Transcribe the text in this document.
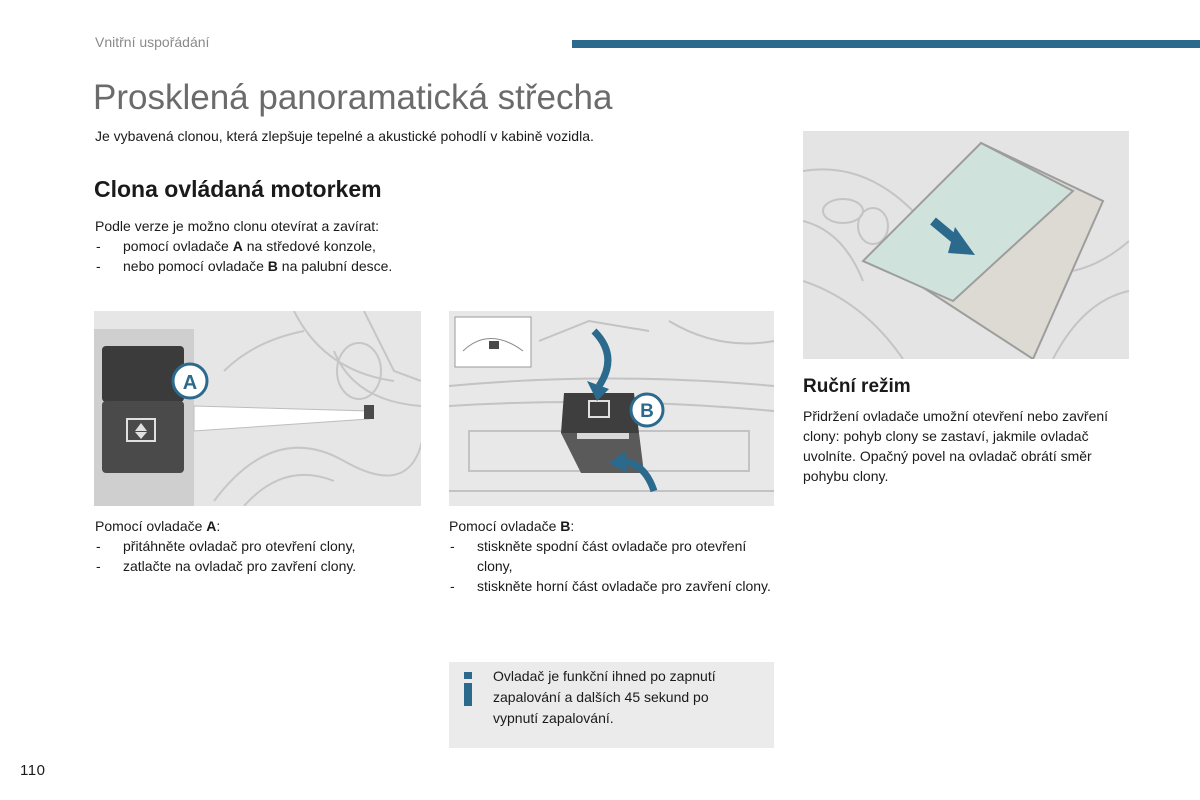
Vnitřní uspořádání
Prosklená panoramatická střecha
Je vybavená clonou, která zlepšuje tepelné a akustické pohodlí v kabině vozidla.
Clona ovládaná motorkem
Podle verze je možno clonu otevírat a zavírat:
- pomocí ovladače A na středové konzole,
- nebo pomocí ovladače B na palubní desce.
A
B
Pomocí ovladače A:
- přitáhněte ovladač pro otevření clony,
- zatlačte na ovladač pro zavření clony.
Pomocí ovladače B:
- stiskněte spodní část ovladače pro otevření clony,
- stiskněte horní část ovladače pro zavření clony.
Ruční režim
Přidržení ovladače umožní otevření nebo zavření clony: pohyb clony se zastaví, jakmile ovladač uvolníte. Opačný povel na ovladač obrátí směr pohybu clony.
Ovladač je funkční ihned po zapnutí zapalování a dalších 45 sekund po vypnutí zapalování.
110
